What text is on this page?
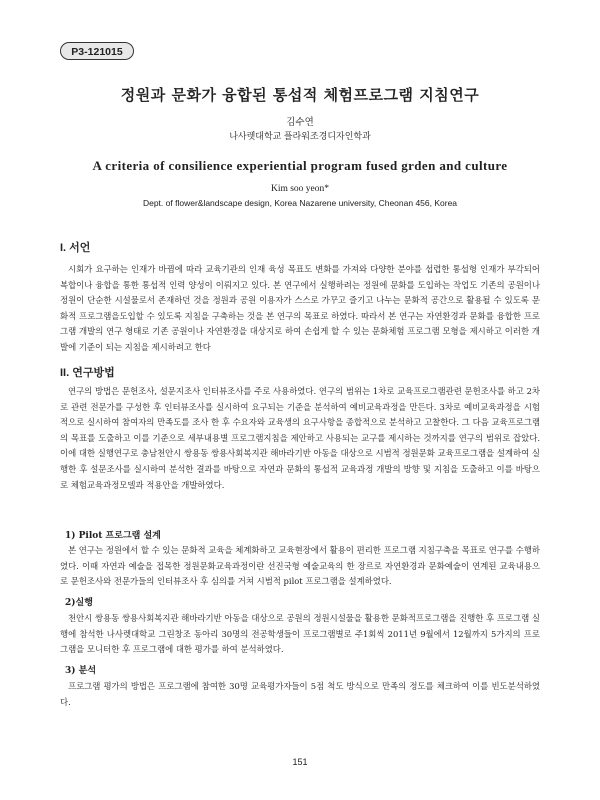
P3-121015
정원과 문화가 융합된 통섭적 체험프로그램 지침연구
김수연
나사렛대학교 플라워조경디자인학과
A criteria of consilience experiential program fused grden and culture
Kim soo yeon*
Dept. of flower&landscape design, Korea Nazarene university, Cheonan 456, Korea
I. 서언

시회가 요구하는 인재가 바뀜에 따라 교육기관의 인재 육성 목표도 변화를 가져와 다양한 분야를 섭렵한 통섭형 인재가 부각되어 복합이나 융합을 통한 통섭적 인력 양성이 이뤄지고 있다. 본 연구에서 실행하려는 정원에 문화를 도입하는 작업도 기존의 공원이나 정원이 단순한 시설물로서 존재하던 것을 정원과 공원 이용자가 스스로 가꾸고 즐기고 나누는 문화적 공간으로 활용될 수 있도록 문화적 프로그램을도입할 수 있도록 지침을 구축하는 것을 본 연구의 목표로 하였다. 따라서 본 연구는 자연환경과 문화를 융합한 프로그램 개발의 연구 형태로 기존 공원이나 자연환경을 대상지로 하여 손쉽게 할 수 있는 문화체험 프로그램 모형을 제시하고 이러한 개발에 기준이 되는 지침을 제시하려고 한다

II. 연구방법

연구의 방법은 문헌조사, 설문지조사 인터뷰조사를 주로 사용하였다. 연구의 범위는 1차로 교육프로그램관련 문헌조사를 하고 2차로 관련 전문가를 구성한 후 인터뷰조사를 실시하여 요구되는 기준을 분석하여 예비교육과정을 만든다. 3차로 예비교육과정을 시험적으로 실시하여 참여자의 만족도를 조사 한 후 수요자와 교육생의 요구사항을 종합적으로 분석하고 고찰한다. 그 다음 교육프로그램의 목표를 도출하고 이를 기준으로 세부내용별 프로그램지침을 제안하고 사용되는 교구를 제시하는 것까지를 연구의 범위로 잡았다. 이에 대한 실행연구로 충남천안시 쌍용동 쌍용사회복지관 해바라기반 아동을 대상으로 시범적 정원문화 교육프로그램을 설계하여 실행한 후 설문조사를 실시하여 분석한 결과를 바탕으로 자연과 문화의 통섭적 교육과정 개발의 방향 및 지침을 도출하고 이를 바탕으로 체험교육과정모델과 적용안을 개발하였다.

1) Pilot 프로그램 설계

본 연구는 정원에서 할 수 있는 문화적 교육을 체계화하고 교육현장에서 활용이 편리한 프로그램 지침구축을 목표로 연구를 수행하였다. 이때 자연과 예술을 접목한 정원문화교육과정이란 선진국형 예술교육의 한 장르로 자연환경과 문화예술이 연계된 교육내용으로 문헌조사와 전문가들의 인터뷰조사 후 심의를 거쳐 시범적 pilot 프로그램을 설계하였다.

2)실행

천안시 쌍용동 쌍용사회복지관 해바라기반 아동을 대상으로 공원의 정원시설물을 활용한 문화적프로그램을 진행한 후 프로그램 실행에 참석한 나사렛대학교 그린창조 동아리 30명의 전공학생들이 프로그램별로 주1회씩 2011년 9월에서 12월까지 5가지의 프로그램을 모니터한 후 프로그램에 대한 평가를 하여 분석하였다.

3) 분석

프로그램 평가의 방법은 프로그램에 참여한 30명 교육평가자들이 5점 척도 방식으로 만족의 정도를 체크하여 이를 빈도분석하였다.

151
